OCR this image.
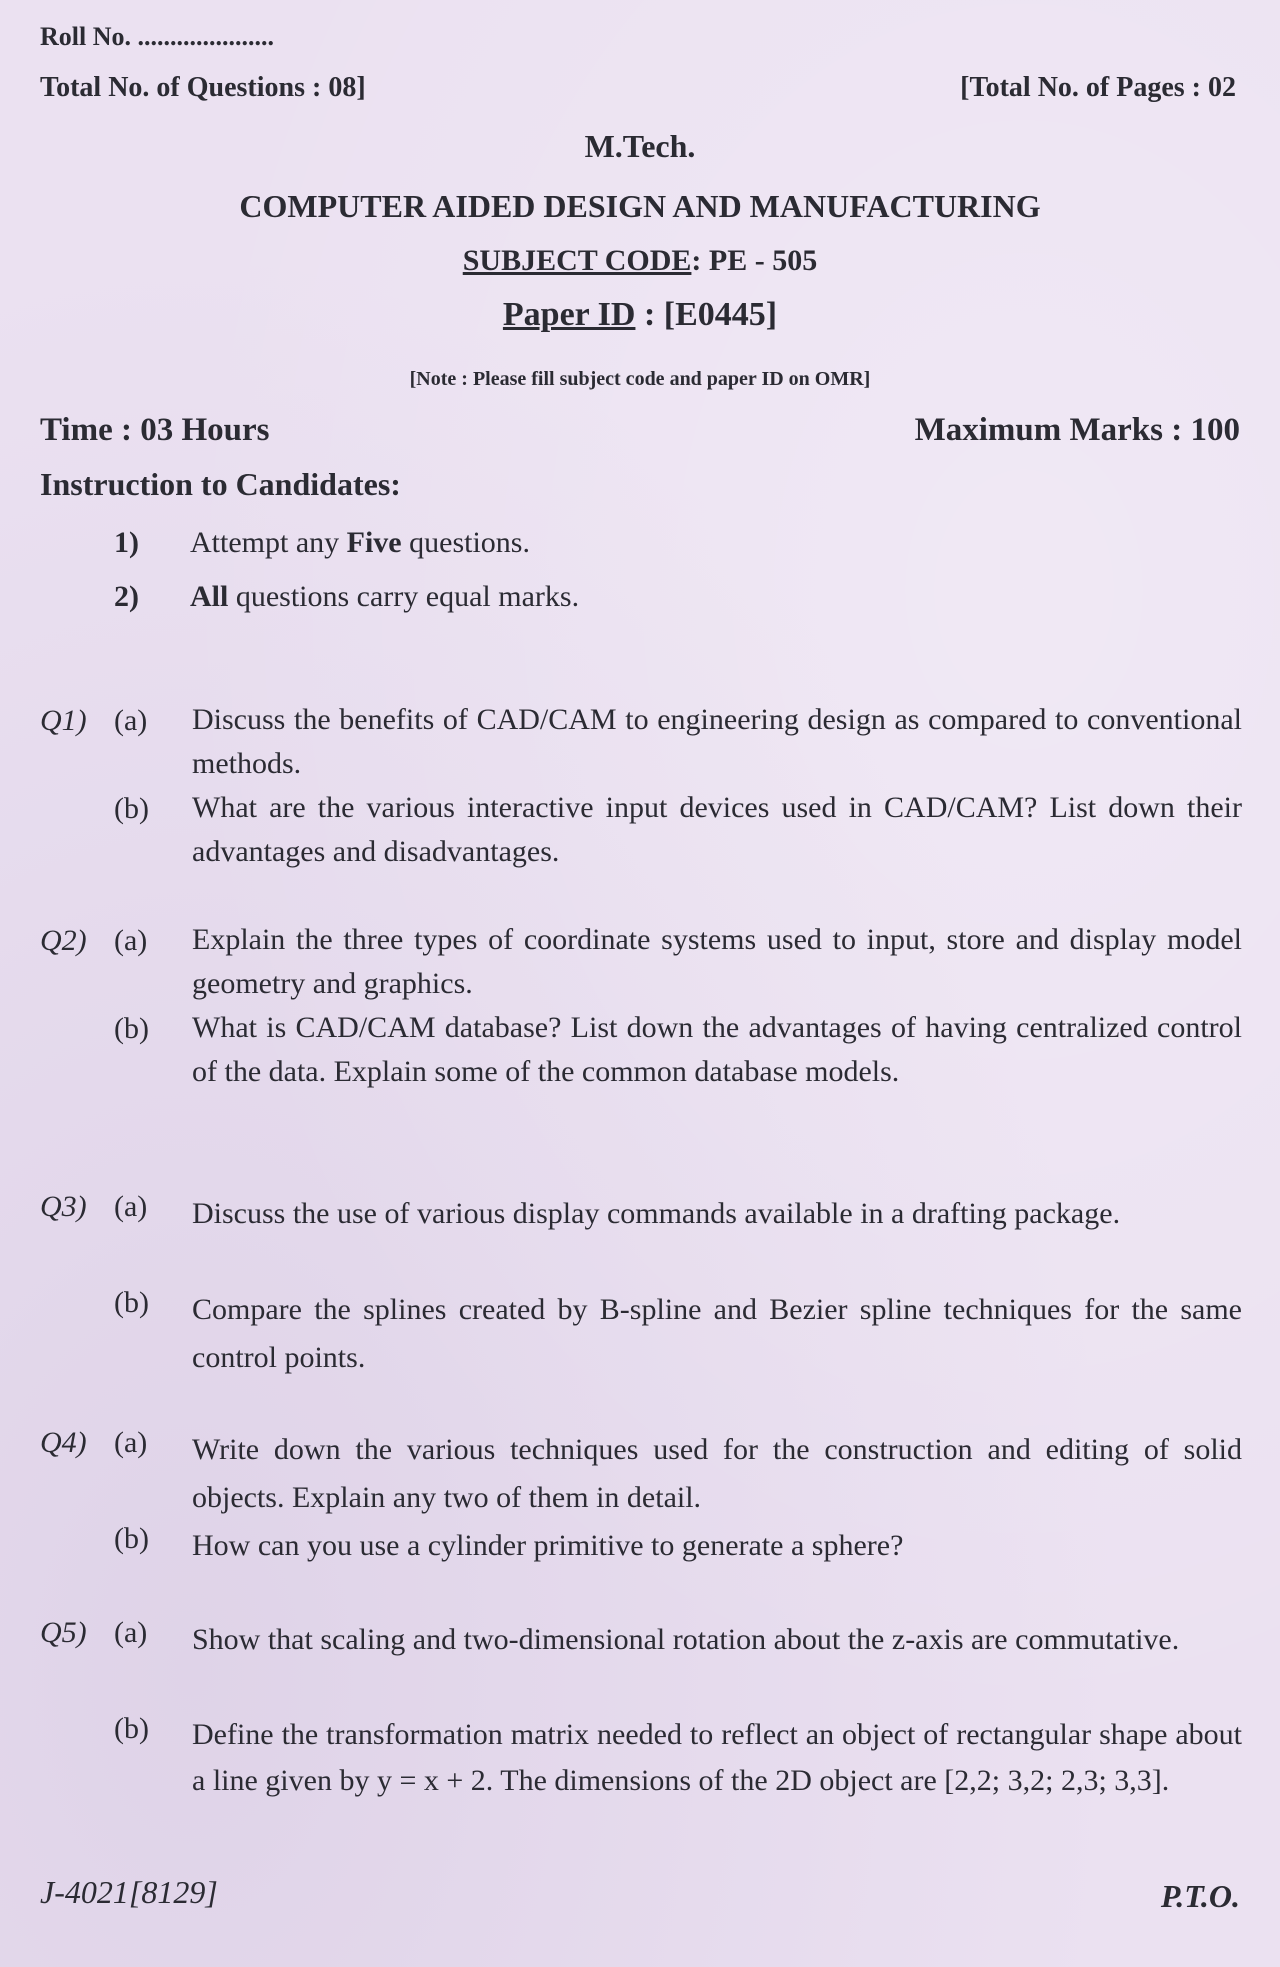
Roll No. .....................
Total No. of Questions : 08]	[Total No. of Pages : 02
M.Tech.
COMPUTER AIDED DESIGN AND MANUFACTURING
SUBJECT CODE: PE - 505
Paper ID : [E0445]
[Note : Please fill subject code and paper ID on OMR]
Time : 03 Hours	Maximum Marks : 100
Instruction to Candidates:
1) Attempt any Five questions.
2) All questions carry equal marks.
Q1) (a) Discuss the benefits of CAD/CAM to engineering design as compared to conventional methods.
(b) What are the various interactive input devices used in CAD/CAM? List down their advantages and disadvantages.
Q2) (a) Explain the three types of coordinate systems used to input, store and display model geometry and graphics.
(b) What is CAD/CAM database? List down the advantages of having centralized control of the data. Explain some of the common database models.
Q3) (a) Discuss the use of various display commands available in a drafting package.
(b) Compare the splines created by B-spline and Bezier spline techniques for the same control points.
Q4) (a) Write down the various techniques used for the construction and editing of solid objects. Explain any two of them in detail.
(b) How can you use a cylinder primitive to generate a sphere?
Q5) (a) Show that scaling and two-dimensional rotation about the z-axis are commutative.
(b) Define the transformation matrix needed to reflect an object of rectangular shape about a line given by y = x + 2. The dimensions of the 2D object are [2,2; 3,2; 2,3; 3,3].
J-4021[8129]	P.T.O.
